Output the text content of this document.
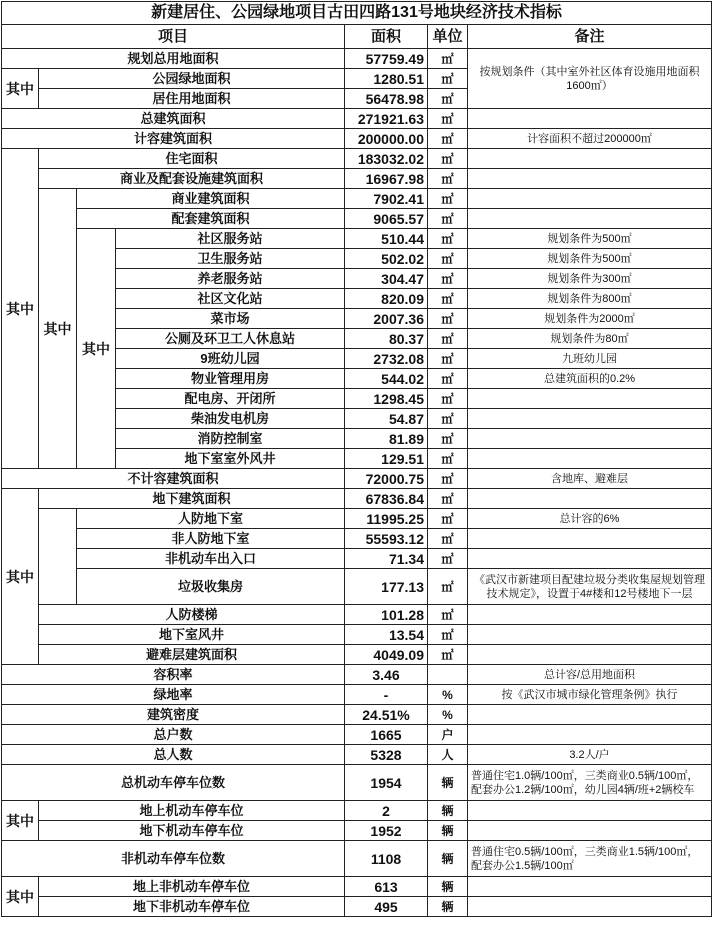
新建居住、公园绿地项目古田四路131号地块经济技术指标						
项目				面积	单位	备注
规划总用地面积				57759.49	㎡	按规划条件（其中室外社区体育设施用地面积1600㎡）
其中	公园绿地面积			1280.51	㎡	
	居住用地面积			56478.98	㎡	
总建筑面积				271921.63	㎡	
计容建筑面积				200000.00	㎡	计容面积不超过200000㎡
其中	住宅面积			183032.02	㎡	
	商业及配套设施建筑面积			16967.98	㎡	
	其中	商业建筑面积		7902.41	㎡	
		配套建筑面积		9065.57	㎡	
		其中	社区服务站	510.44	㎡	规划条件为500㎡
			卫生服务站	502.02	㎡	规划条件为500㎡
			养老服务站	304.47	㎡	规划条件为300㎡
			社区文化站	820.09	㎡	规划条件为800㎡
			菜市场	2007.36	㎡	规划条件为2000㎡
			公厕及环卫工人休息站	80.37	㎡	规划条件为80㎡
			9班幼儿园	2732.08	㎡	九班幼儿园
			物业管理用房	544.02	㎡	总建筑面积的0.2%
			配电房、开闭所	1298.45	㎡	
			柴油发电机房	54.87	㎡	
			消防控制室	81.89	㎡	
			地下室室外风井	129.51	㎡	
不计容建筑面积				72000.75	㎡	含地库、避难层
其中	地下建筑面积			67836.84	㎡	
		人防地下室		11995.25	㎡	总计容的6%
		非人防地下室		55593.12	㎡	
		非机动车出入口		71.34	㎡	
		垃圾收集房		177.13	㎡	《武汉市新建项目配建垃圾分类收集屋规划管理技术规定》，设置于4#楼和12号楼地下一层
	人防楼梯			101.28	㎡	
	地下室风井			13.54	㎡	
	避难层建筑面积			4049.09	㎡	
容积率				3.46		总计容/总用地面积
绿地率				-	%	按《武汉市城市绿化管理条例》执行
建筑密度				24.51%	%	
总户数				1665	户	
总人数				5328	人	3.2人/户
总机动车停车位数				1954	辆	普通住宅1.0辆/100㎡，三类商业0.5辆/100㎡，配套办公1.2辆/100㎡，幼儿园4辆/班+2辆校车
其中	地上机动车停车位			2	辆	
	地下机动车停车位			1952	辆	
非机动车停车位数				1108	辆	普通住宅0.5辆/100㎡，三类商业1.5辆/100㎡，配套办公1.5辆/100㎡
其中	地上非机动车停车位			613	辆	
	地下非机动车停车位			495	辆	
